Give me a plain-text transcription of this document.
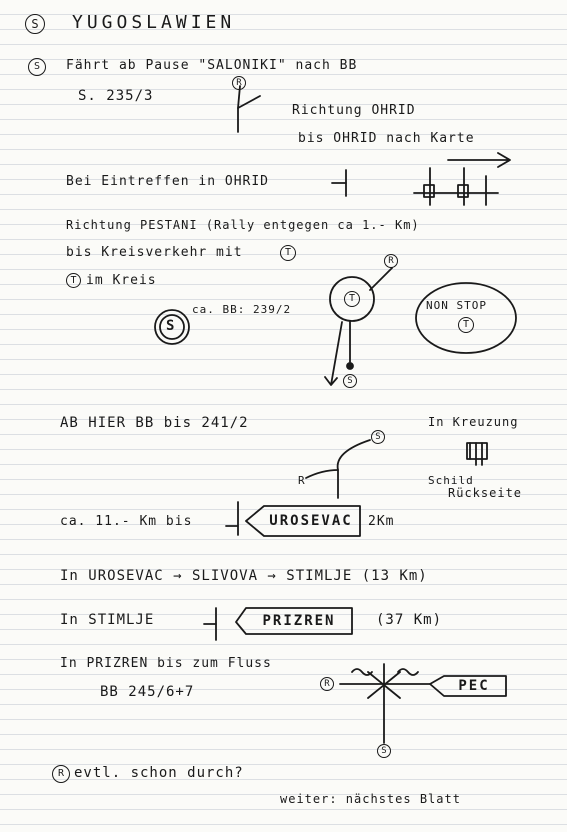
S	YUGOSLAWIEN
S	Fährt ab Pause "SALONIKI" nach BB
S. 235/3
Richtung OHRID
bis OHRID nach Karte
Bei Eintreffen in OHRID
Richtung PESTANI (Rally entgegen ca 1.- Km)
bis Kreisverkehr mit	T
T im Kreis
ca. BB: 239/2
AB HIER BB bis 241/2	In Kreuzung
Schild
Rückseite
ca. 11.- Km bis	2Km
In UROSEVAC → SLIVOVA → STIMLJE (13 Km)
In STIMLJE	(37 Km)
In PRIZREN bis zum Fluss
BB 245/6+7
R evtl. schon durch?
weiter: nächstes Blatt
R
T
R
S
NON STOP
T
S
S
R
UROSEVAC
PRIZREN
PEC
R
S
